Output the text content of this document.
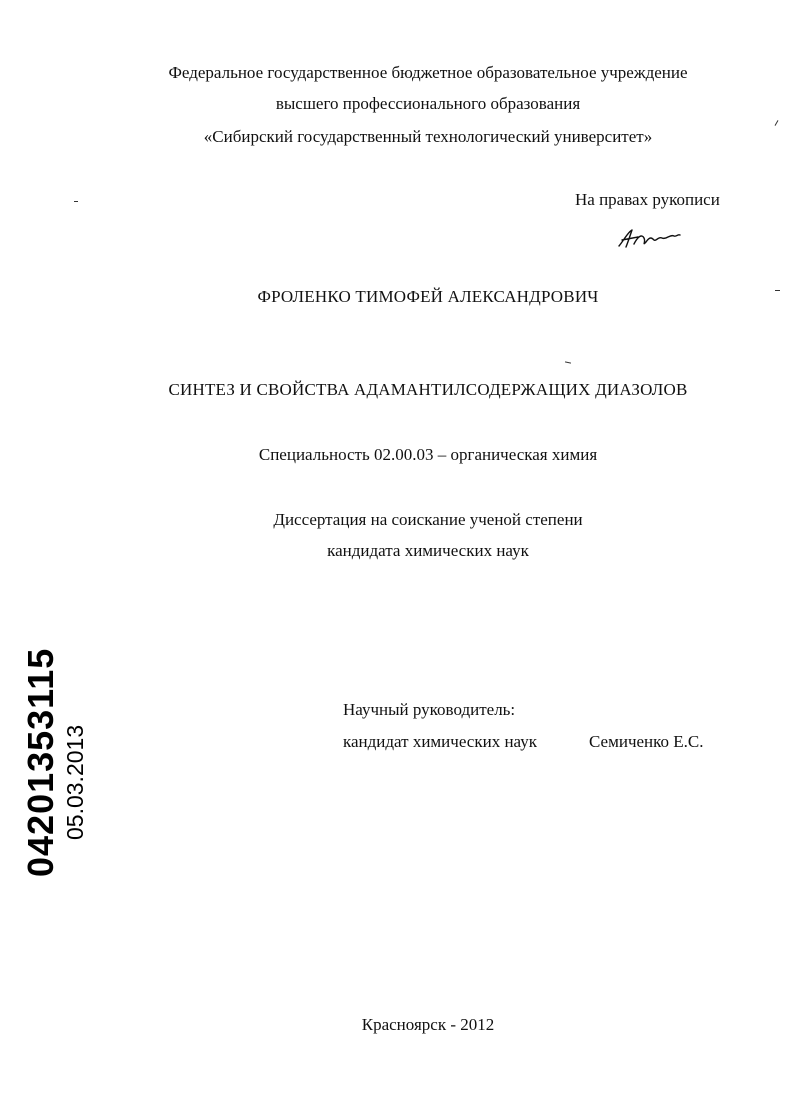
Федеральное государственное бюджетное образовательное учреждение
высшего профессионального образования
«Сибирский государственный технологический университет»
На правах рукописи
ФРОЛЕНКО ТИМОФЕЙ АЛЕКСАНДРОВИЧ
СИНТЕЗ И СВОЙСТВА АДАМАНТИЛСОДЕРЖАЩИХ ДИАЗОЛОВ
Специальность 02.00.03 – органическая химия
Диссертация на соискание ученой степени
кандидата химических наук
Научный руководитель:
кандидат химических наук	Семиченко Е.С.
04201353115 05.03.2013
Красноярск - 2012
